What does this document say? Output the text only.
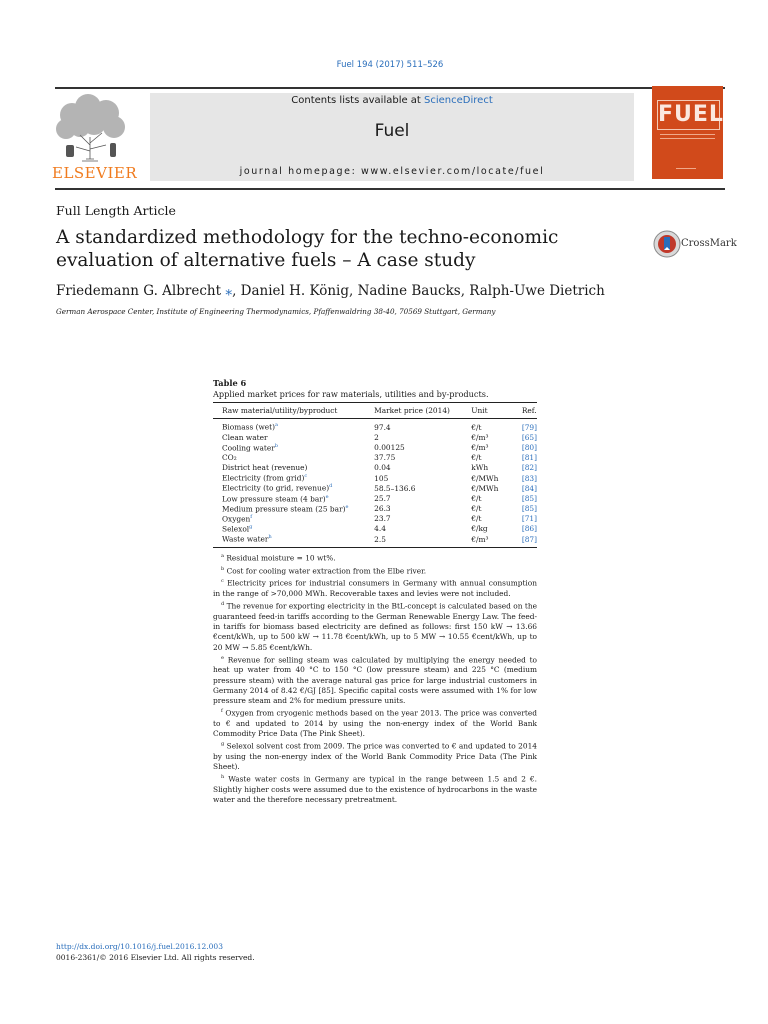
Fuel 194 (2017) 511–526
ELSEVIER
Contents lists available at ScienceDirect
Fuel
journal homepage: www.elsevier.com/locate/fuel
FUEL
Full Length Article
A standardized methodology for the techno-economic evaluation of alternative fuels – A case study
Friedemann G. Albrecht ⁎, Daniel H. König, Nadine Baucks, Ralph-Uwe Dietrich
German Aerospace Center, Institute of Engineering Thermodynamics, Pfaffenwaldring 38-40, 70569 Stuttgart, Germany
CrossMark
Table 6
Applied market prices for raw materials, utilities and by-products.
Raw material/utility/byproduct	Market price (2014)	Unit	Ref.
Biomass (wet)$^a$	97.4	€/t	[79]
Clean water	2	€/m³	[65]
Cooling water$^b$	0.00125	€/m³	[80]
CO₂	37.75	€/t	[81]
District heat (revenue)	0.04	kWh	[82]
Electricity (from grid)$^c$	105	€/MWh	[83]
Electricity (to grid, revenue)$^d$	58.5–136.6	€/MWh	[84]
Low pressure steam (4 bar)$^e$	25.7	€/t	[85]
Medium pressure steam (25 bar)$^e$	26.3	€/t	[85]
Oxygen$^f$	23.7	€/t	[71]
Selexol$^g$	4.4	€/kg	[86]
Waste water$^h$	2.5	€/m³	[87]

$^a$ Residual moisture = 10 wt%.

$^b$ Cost for cooling water extraction from the Elbe river.

$^c$ Electricity prices for industrial consumers in Germany with annual consumption in the range of >70,000 MWh. Recoverable taxes and levies were not included.

$^d$ The revenue for exporting electricity in the BtL-concept is calculated based on the guaranteed feed-in tariffs according to the German Renewable Energy Law. The feed-in tariffs for biomass based electricity are defined as follows: first 150 kW → 13.66 €cent/kWh, up to 500 kW → 11.78 €cent/kWh, up to 5 MW → 10.55 €cent/kWh, up to 20 MW → 5.85 €cent/kWh.

$^e$ Revenue for selling steam was calculated by multiplying the energy needed to heat up water from 40 °C to 150 °C (low pressure steam) and 225 °C (medium pressure steam) with the average natural gas price for large industrial customers in Germany 2014 of 8.42 €/GJ [85]. Specific capital costs were assumed with 1% for low pressure steam and 2% for medium pressure units.

$^f$ Oxygen from cryogenic methods based on the year 2013. The price was converted to € and updated to 2014 by using the non-energy index of the World Bank Commodity Price Data (The Pink Sheet).

$^g$ Selexol solvent cost from 2009. The price was converted to € and updated to 2014 by using the non-energy index of the World Bank Commodity Price Data (The Pink Sheet).

$^h$ Waste water costs in Germany are typical in the range between 1.5 and 2 €. Slightly higher costs were assumed due to the existence of hydrocarbons in the waste water and the therefore necessary pretreatment.

http://dx.doi.org/10.1016/j.fuel.2016.12.003
0016-2361/© 2016 Elsevier Ltd. All rights reserved.
